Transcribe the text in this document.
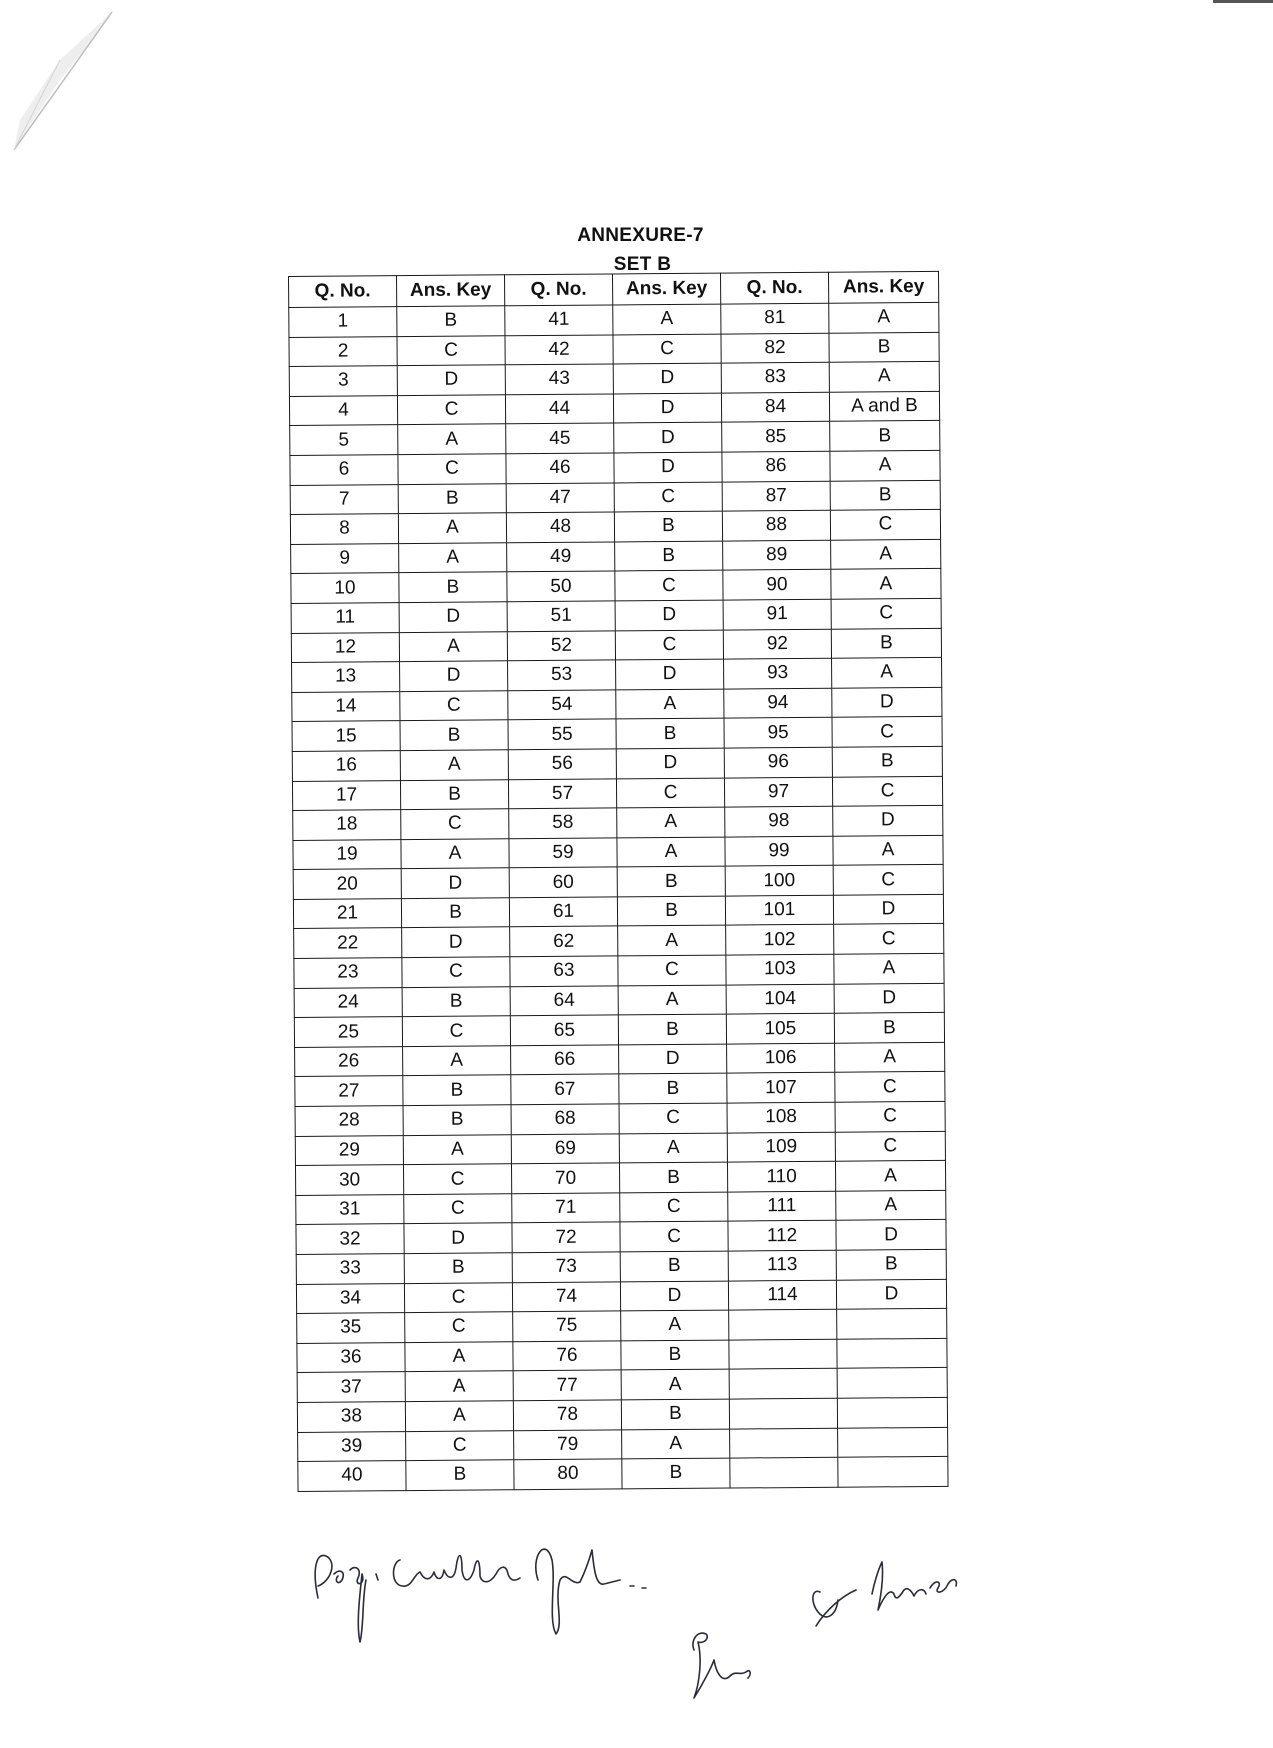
ANNEXURE-7
SET B
Q. No.	Ans. Key	Q. No.	Ans. Key	Q. No.	Ans. Key
1	B	41	A	81	A
2	C	42	C	82	B
3	D	43	D	83	A
4	C	44	D	84	A and B
5	A	45	D	85	B
6	C	46	D	86	A
7	B	47	C	87	B
8	A	48	B	88	C
9	A	49	B	89	A
10	B	50	C	90	A
11	D	51	D	91	C
12	A	52	C	92	B
13	D	53	D	93	A
14	C	54	A	94	D
15	B	55	B	95	C
16	A	56	D	96	B
17	B	57	C	97	C
18	C	58	A	98	D
19	A	59	A	99	A
20	D	60	B	100	C
21	B	61	B	101	D
22	D	62	A	102	C
23	C	63	C	103	A
24	B	64	A	104	D
25	C	65	B	105	B
26	A	66	D	106	A
27	B	67	B	107	C
28	B	68	C	108	C
29	A	69	A	109	C
30	C	70	B	110	A
31	C	71	C	111	A
32	D	72	C	112	D
33	B	73	B	113	B
34	C	74	D	114	D
35	C	75	A		
36	A	76	B		
37	A	77	A		
38	A	78	B		
39	C	79	A		
40	B	80	B		
